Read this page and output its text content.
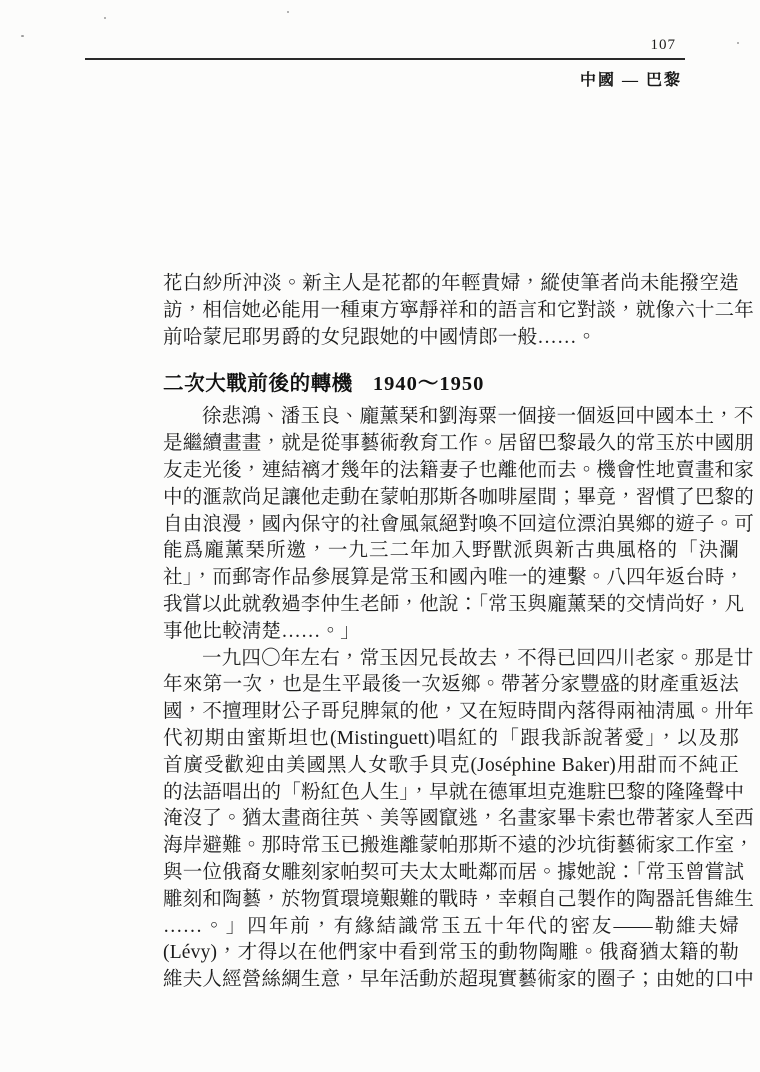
107
中國 — 巴黎
花白紗所沖淡。新主人是花都的年輕貴婦，縱使筆者尚未能撥空造
訪，相信她必能用一種東方寧靜祥和的語言和它對談，就像六十二年
前哈蒙尼耶男爵的女兒跟她的中國情郎一般……。
二次大戰前後的轉機 1940～1950
徐悲鴻、潘玉良、龐薰琹和劉海粟一個接一個返回中國本土，不
是繼續畫畫，就是從事藝術敎育工作。居留巴黎最久的常玉於中國朋
友走光後，連結褵才幾年的法籍妻子也離他而去。機會性地賣畫和家
中的滙款尚足讓他走動在蒙帕那斯各咖啡屋間；畢竟，習慣了巴黎的
自由浪漫，國內保守的社會風氣絕對喚不回這位漂泊異鄉的遊子。可
能爲龐薰琹所邀，一九三二年加入野獸派與新古典風格的「決瀾
社」，而郵寄作品參展算是常玉和國內唯一的連繫。八四年返台時，
我嘗以此就敎過李仲生老師，他說：「常玉與龐薰琹的交情尚好，凡
事他比較淸楚……。」
一九四〇年左右，常玉因兄長故去，不得已回四川老家。那是廿
年來第一次，也是生平最後一次返鄉。帶著分家豐盛的財產重返法
國，不擅理財公子哥兒脾氣的他，又在短時間內落得兩袖淸風。卅年
代初期由蜜斯坦也(Mistinguett)唱紅的「跟我訴說著愛」，以及那
首廣受歡迎由美國黑人女歌手貝克(Joséphine Baker)用甜而不純正
的法語唱出的「粉紅色人生」，早就在德軍坦克進駐巴黎的隆隆聲中
淹沒了。猶太畫商往英、美等國竄逃，名畫家畢卡索也帶著家人至西
海岸避難。那時常玉已搬進離蒙帕那斯不遠的沙坑街藝術家工作室，
與一位俄裔女雕刻家帕契可夫太太毗鄰而居。據她說：「常玉曾嘗試
雕刻和陶藝，於物質環境艱難的戰時，幸賴自己製作的陶器託售維生
……。」四年前，有緣結識常玉五十年代的密友——勒維夫婦
(Lévy)，才得以在他們家中看到常玉的動物陶雕。俄裔猶太籍的勒
維夫人經營絲綢生意，早年活動於超現實藝術家的圈子；由她的口中
